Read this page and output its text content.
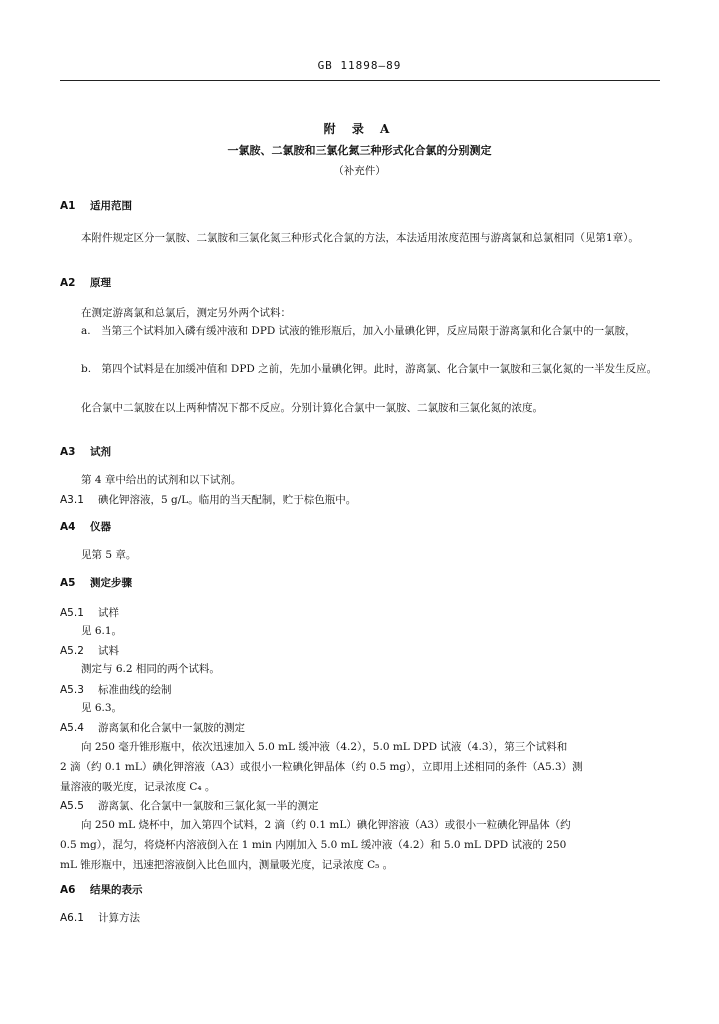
GB 11898—89
附 录 A
一氯胺、二氯胺和三氯化氮三种形式化合氯的分别测定
（补充件）
A1 适用范围
本附件规定区分一氯胺、二氯胺和三氯化氮三种形式化合氯的方法，本法适用浓度范围与游离氯和总氯相同（见第1章）。
A2 原理
在测定游离氯和总氯后，测定另外两个试料：
a.　当第三个试料加入磷有缓冲液和 DPD 试液的锥形瓶后，加入小量碘化钾，反应局限于游离氯和化合氯中的一氯胺，
b.　第四个试料是在加缓冲值和 DPD 之前，先加小量碘化钾。此时，游离氯、化合氯中一氯胺和三氯化氮的一半发生反应。
化合氯中二氯胺在以上两种情况下都不反应。分别计算化合氯中一氯胺、二氯胺和三氯化氮的浓度。
A3 试剂
第 4 章中给出的试剂和以下试剂。
A3.1 碘化钾溶液，5 g/L。临用的当天配制，贮于棕色瓶中。
A4 仪器
见第 5 章。
A5 测定步骤
A5.1 试样
见 6.1。
A5.2 试料
测定与 6.2 相同的两个试料。
A5.3 标准曲线的绘制
见 6.3。
A5.4 游离氯和化合氯中一氯胺的测定
向 250 毫升锥形瓶中，依次迅速加入 5.0 mL 缓冲液（4.2），5.0 mL DPD 试液（4.3），第三个试料和
2 滴（约 0.1 mL）碘化钾溶液（A3）或很小一粒碘化钾晶体（约 0.5 mg），立即用上述相同的条件（A5.3）测
量溶液的吸光度，记录浓度 C₄ 。
A5.5 游离氯、化合氯中一氯胺和三氯化氮一半的测定
向 250 mL 烧杯中，加入第四个试料，2 滴（约 0.1 mL）碘化钾溶液（A3）或很小一粒碘化钾晶体（约
0.5 mg），混匀，将烧杯内溶液倒入在 1 min 内刚加入 5.0 mL 缓冲液（4.2）和 5.0 mL DPD 试液的 250
mL 锥形瓶中，迅速把溶液倒入比色皿内，测量吸光度，记录浓度 C₅ 。
A6 结果的表示
A6.1 计算方法
